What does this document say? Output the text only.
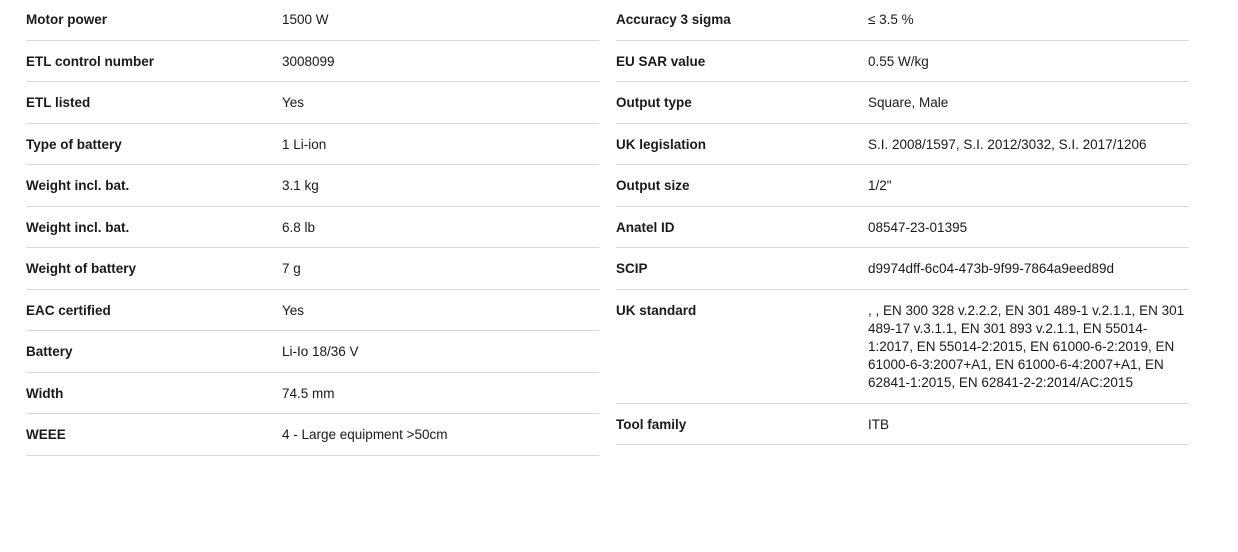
Motor power	1500 W
ETL control number	3008099
ETL listed	Yes
Type of battery	1 Li-ion
Weight incl. bat.	3.1 kg
Weight incl. bat.	6.8 lb
Weight of battery	7 g
EAC certified	Yes
Battery	Li-Io 18/36 V
Width	74.5 mm
WEEE	4 - Large equipment >50cm
Accuracy 3 sigma	≤ 3.5 %
EU SAR value	0.55 W/kg
Output type	Square, Male
UK legislation	S.I. 2008/1597, S.I. 2012/3032, S.I. 2017/1206
Output size	1/2"
Anatel ID	08547-23-01395
SCIP	d9974dff-6c04-473b-9f99-7864a9eed89d
UK standard	, , EN 300 328 v.2.2.2, EN 301 489-1 v.2.1.1, EN 301 489-17 v.3.1.1, EN 301 893 v.2.1.1, EN 55014-1:2017, EN 55014-2:2015, EN 61000-6-2:2019, EN 61000-6-3:2007+A1, EN 61000-6-4:2007+A1, EN 62841-1:2015, EN 62841-2-2:2014/AC:2015
Tool family	ITB
